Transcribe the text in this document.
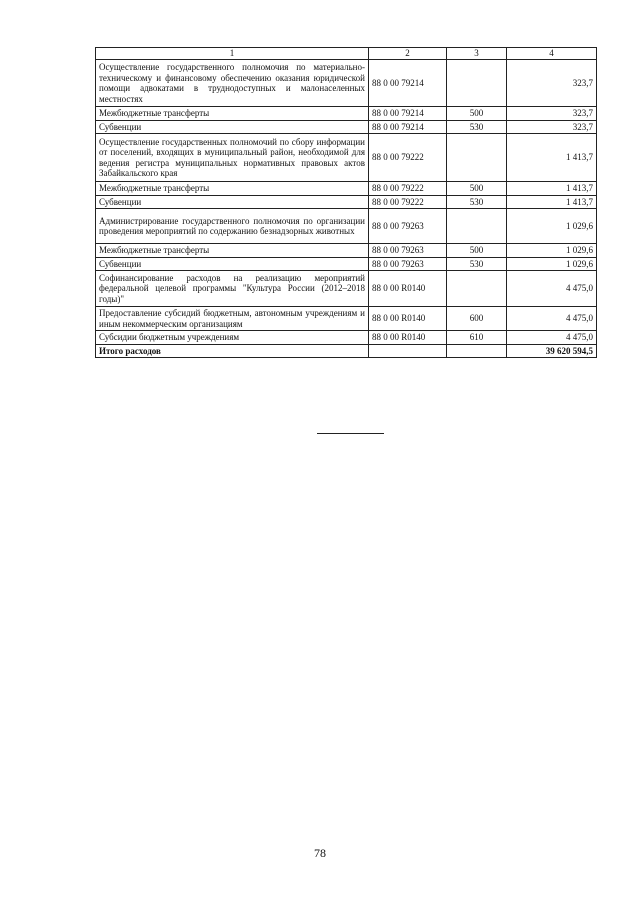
1	2	3	4
Осуществление государственного полномочия по материально-техническому и финансовому обеспечению оказания юридической помощи адвокатами в труднодоступных и малонаселенных местностях	88 0 00 79214		323,7
Межбюджетные трансферты	88 0 00 79214	500	323,7
Субвенции	88 0 00 79214	530	323,7
Осуществление государственных полномочий по сбору информации от поселений, входящих в муниципальный район, необходимой для ведения регистра муниципальных нормативных правовых актов Забайкальского края	88 0 00 79222		1 413,7
Межбюджетные трансферты	88 0 00 79222	500	1 413,7
Субвенции	88 0 00 79222	530	1 413,7
Администрирование государственного полномочия по организации проведения мероприятий по содержанию безнадзорных животных	88 0 00 79263		1 029,6
Межбюджетные трансферты	88 0 00 79263	500	1 029,6
Субвенции	88 0 00 79263	530	1 029,6
Софинансирование расходов на реализацию мероприятий федеральной целевой программы "Культура России (2012–2018 годы)"	88 0 00 R0140		4 475,0
Предоставление субсидий бюджетным, автономным учреждениям и иным некоммерческим организациям	88 0 00 R0140	600	4 475,0
Субсидии бюджетным учреждениям	88 0 00 R0140	610	4 475,0
Итого расходов			39 620 594,5
78
